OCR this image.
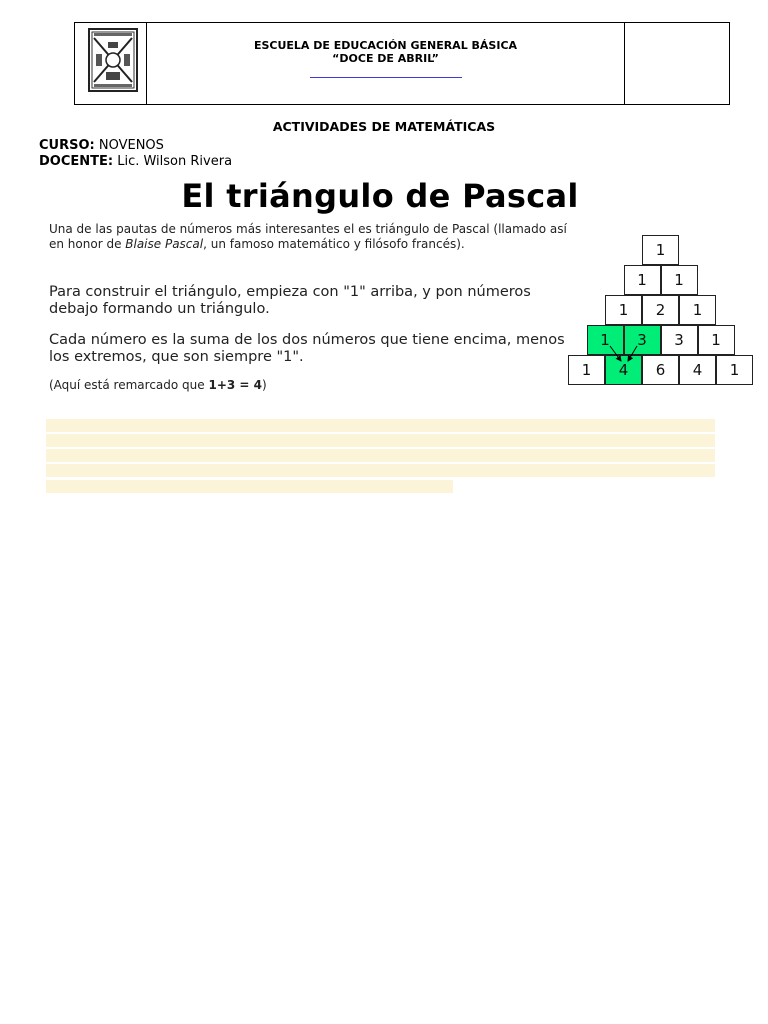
ESCUELA DE EDUCACIÓN GENERAL BÁSICA
“DOCE DE ABRIL”
ACTIVIDADES DE MATEMÁTICAS
CURSO: NOVENOS
DOCENTE: Lic. Wilson Rivera
El triángulo de Pascal
Una de las pautas de números más interesantes el es triángulo de Pascal (llamado así en honor de Blaise Pascal, un famoso matemático y filósofo francés).
Para construir el triángulo, empieza con "1" arriba, y pon números debajo formando un triángulo.
Cada número es la suma de los dos números que tiene encima, menos los extremos, que son siempre "1".
(Aquí está remarcado que 1+3 = 4)
1
1	1
1	2	1
1	3	3	1
1	4	6	4	1
